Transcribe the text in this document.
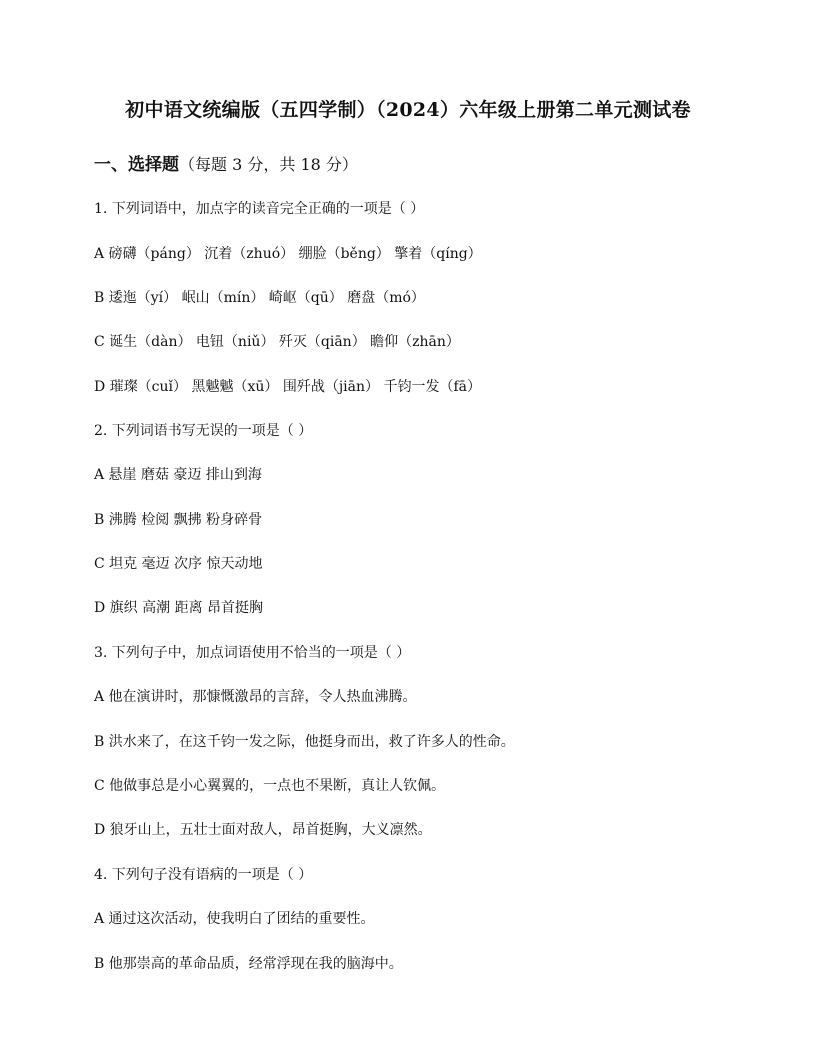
初中语文统编版（五四学制）（2024）六年级上册第二单元测试卷
一、选择题（每题 3 分，共 18 分）
1. 下列词语中，加点字的读音完全正确的一项是（ ）
A 磅礴（páng） 沉着（zhuó） 绷脸（běng） 擎着（qíng）
B 逶迤（yí） 岷山（mín） 崎岖（qū） 磨盘（mó）
C 诞生（dàn） 电钮（niǔ） 歼灭（qiān） 瞻仰（zhān）
D 璀璨（cuǐ） 黑魆魆（xū） 围歼战（jiān） 千钧一发（fā）
2. 下列词语书写无误的一项是（ ）
A 悬崖 磨菇 豪迈 排山到海
B 沸腾 检阅 飘拂 粉身碎骨
C 坦克 毫迈 次序 惊天动地
D 旗织 高潮 距离 昂首挺胸
3. 下列句子中，加点词语使用不恰当的一项是（ ）
A 他在演讲时，那慷慨激昂的言辞，令人热血沸腾。
B 洪水来了，在这千钧一发之际，他挺身而出，救了许多人的性命。
C 他做事总是小心翼翼的，一点也不果断，真让人钦佩。
D 狼牙山上，五壮士面对敌人，昂首挺胸，大义凛然。
4. 下列句子没有语病的一项是（ ）
A 通过这次活动，使我明白了团结的重要性。
B 他那崇高的革命品质，经常浮现在我的脑海中。
